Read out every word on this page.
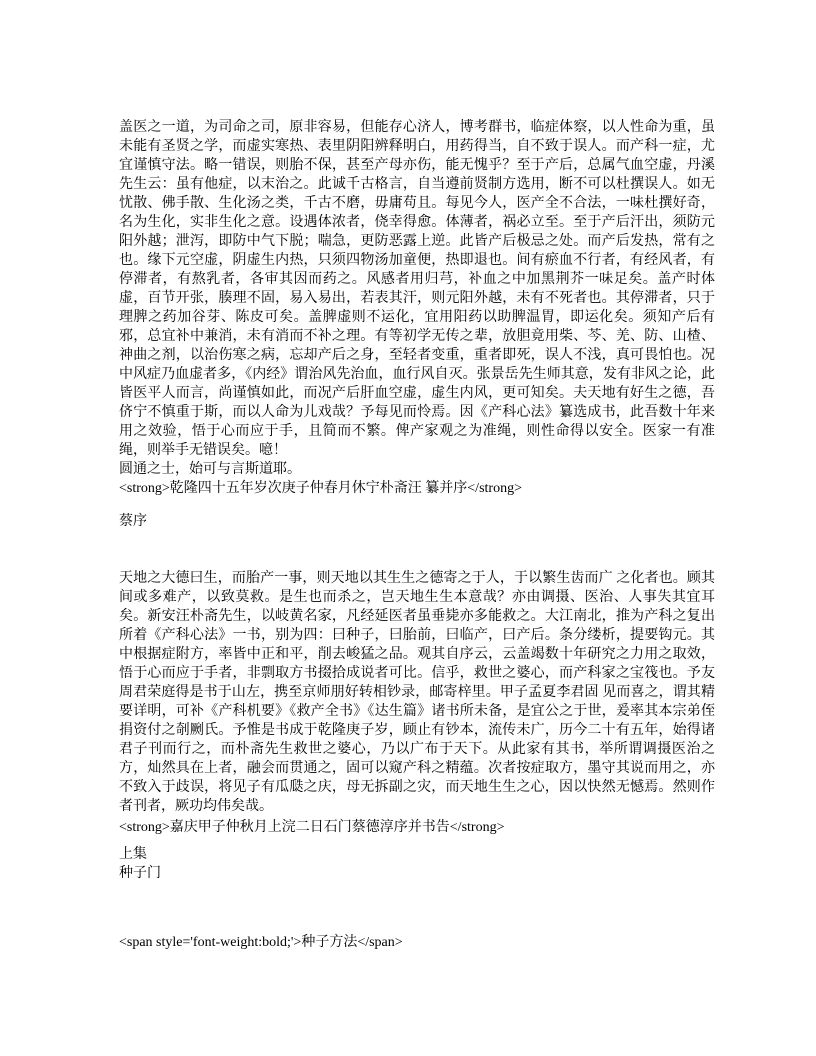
盖医之一道，为司命之司，原非容易，但能存心济人，博考群书，临症体察，以人性命为重，虽未能有圣贤之学，而虚实寒热、表里阴阳辨释明白，用药得当，自不致于误人。而产科一症，尤宜谨慎守法。略一错误，则胎不保，甚至产母亦伤，能无愧乎？至于产后，总属气血空虚，丹溪先生云：虽有他症，以末治之。此诚千古格言，自当遵前贤制方选用，断不可以杜撰误人。如无忧散、佛手散、生化汤之类，千古不磨，毋庸苟且。每见今人，医产全不合法，一味杜撰好奇，名为生化，实非生化之意。设遇体浓者，侥幸得愈。体薄者，祸必立至。至于产后汗出，须防元阳外越；泄泻，即防中气下脱；喘急，更防恶露上逆。此皆产后极忌之处。而产后发热，常有之也。缘下元空虚，阴虚生内热，只须四物汤加童便，热即退也。间有瘀血不行者，有经风者，有停滞者，有熬乳者，各审其因而药之。风感者用归芎，补血之中加黑荆芥一味足矣。盖产时体虚，百节开张，腠理不固，易入易出，若表其汗，则元阳外越，未有不死者也。其停滞者，只于理脾之药加谷芽、陈皮可矣。盖脾虚则不运化，宜用阳药以助脾温胃，即运化矣。须知产后有邪，总宜补中兼消，未有消而不补之理。有等初学无传之辈，放胆竟用柴、芩、羌、防、山楂、神曲之剂，以治伤寒之病，忘却产后之身，至轻者变重，重者即死，误人不浅，真可畏怕也。况中风症乃血虚者多，《内经》谓治风先治血，血行风自灭。张景岳先生师其意，发有非风之论，此皆医平人而言，尚谨慎如此，而况产后肝血空虚，虚生内风，更可知矣。夫天地有好生之德，吾侪宁不慎重于斯，而以人命为儿戏哉？予每见而怜焉。因《产科心法》纂选成书，此吾数十年来用之效验，悟于心而应于手，且简而不繁。俾产家观之为准绳，则性命得以安全。医家一有准绳，则举手无错误矣。噫！

圆通之士，始可与言斯道耶。

<strong>乾隆四十五年岁次庚子仲春月休宁朴斋汪 纂并序</strong>

蔡序

天地之大德曰生，而胎产一事，则天地以其生生之德寄之于人，于以繁生齿而广 之化者也。顾其间或多难产，以致莫救。是生也而杀之，岂天地生生本意哉？亦由调摄、医治、人事失其宜耳矣。新安汪朴斋先生，以岐黄名家，凡经延医者虽垂毙亦多能救之。大江南北，推为产科之复出所着《产科心法》一书，别为四：曰种子，曰胎前，曰临产，曰产后。条分缕析，提要钩元。其中根据症附方，率皆中正和平，削去峻猛之品。观其自序云，云盖竭数十年研究之力用之取效，悟于心而应于手者，非剽取方书掇拾成说者可比。信乎，救世之婆心，而产科家之宝筏也。予友周君荣庭得是书于山左，携至京师朋好转相钞录，邮寄梓里。甲子孟夏李君固 见而喜之，谓其精要详明，可补《产科机要》《救产全书》《达生篇》诸书所未备，是宜公之于世，爰率其本宗弟侄捐资付之剞劂氏。予惟是书成于乾隆庚子岁，顾止有钞本，流传未广，历今二十有五年，始得诸君子刊而行之，而朴斋先生救世之婆心，乃以广布于天下。从此家有其书，举所谓调摄医治之方，灿然具在上者，融会而贯通之，固可以窥产科之精蕴。次者按症取方，墨守其说而用之，亦不致入于歧误，将见子有瓜瓞之庆，母无拆副之灾，而天地生生之心，因以快然无憾焉。然则作者刊者，厥功均伟矣哉。

<strong>嘉庆甲子仲秋月上浣二日石门蔡德淳序并书告</strong>

上集

种子门

<span style='font-weight:bold;'>种子方法</span>
